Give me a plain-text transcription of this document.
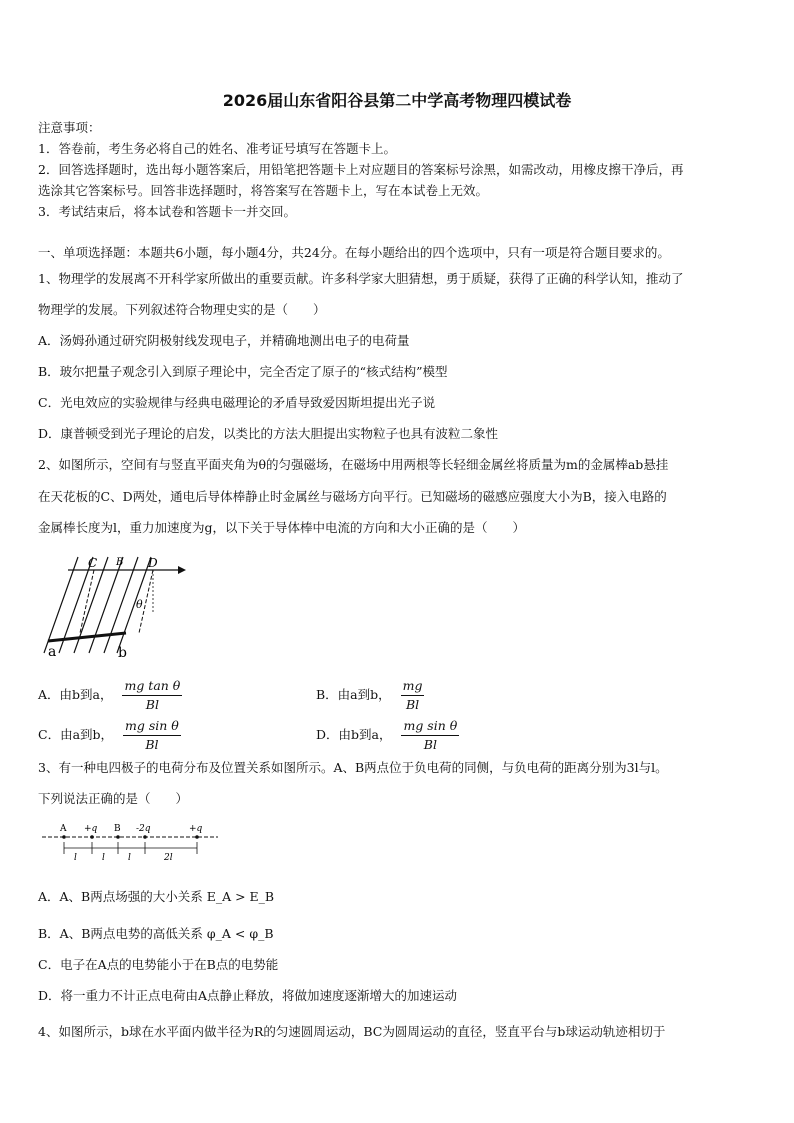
2026届山东省阳谷县第二中学高考物理四模试卷
注意事项：
1．答卷前，考生务必将自己的姓名、准考证号填写在答题卡上。
2．回答选择题时，选出每小题答案后，用铅笔把答题卡上对应题目的答案标号涂黑，如需改动，用橡皮擦干净后，再
选涂其它答案标号。回答非选择题时，将答案写在答题卡上，写在本试卷上无效。
3．考试结束后，将本试卷和答题卡一并交回。
一、单项选择题：本题共6小题，每小题4分，共24分。在每小题给出的四个选项中，只有一项是符合题目要求的。
1、物理学的发展离不开科学家所做出的重要贡献。许多科学家大胆猜想，勇于质疑，获得了正确的科学认知，推动了
物理学的发展。下列叙述符合物理史实的是（　　）
A．汤姆孙通过研究阴极射线发现电子，并精确地测出电子的电荷量
B．玻尔把量子观念引入到原子理论中，完全否定了原子的“核式结构”模型
C．光电效应的实验规律与经典电磁理论的矛盾导致爱因斯坦提出光子说
D．康普顿受到光子理论的启发，以类比的方法大胆提出实物粒子也具有波粒二象性
2、如图所示，空间有与竖直平面夹角为θ的匀强磁场，在磁场中用两根等长轻细金属丝将质量为m的金属棒ab悬挂
在天花板的C、D两处，通电后导体棒静止时金属丝与磁场方向平行。已知磁场的磁感应强度大小为B，接入电路的
金属棒长度为l，重力加速度为g，以下关于导体棒中电流的方向和大小正确的是（　　）
C B D
θ
a	b
A．由b到a， $\frac{\text{mg tan θ}}{Bl}$	B．由a到b， $\frac{mg}{Bl}$
C．由a到b， $\frac{\text{mg sin θ}}{Bl}$	D．由b到a， $\frac{\text{mg sin θ}}{Bl}$
3、有一种电四极子的电荷分布及位置关系如图所示。A、B两点位于负电荷的同侧，与负电荷的距离分别为3l与l。
下列说法正确的是（　　）
A +q B -2q	+q
l	l	l	2l
A．A、B两点场强的大小关系 E_A > E_B
B．A、B两点电势的高低关系 φ_A < φ_B
C．电子在A点的电势能小于在B点的电势能
D．将一重力不计正点电荷由A点静止释放，将做加速度逐渐增大的加速运动
4、如图所示，b球在水平面内做半径为R的匀速圆周运动，BC为圆周运动的直径，竖直平台与b球运动轨迹相切于
